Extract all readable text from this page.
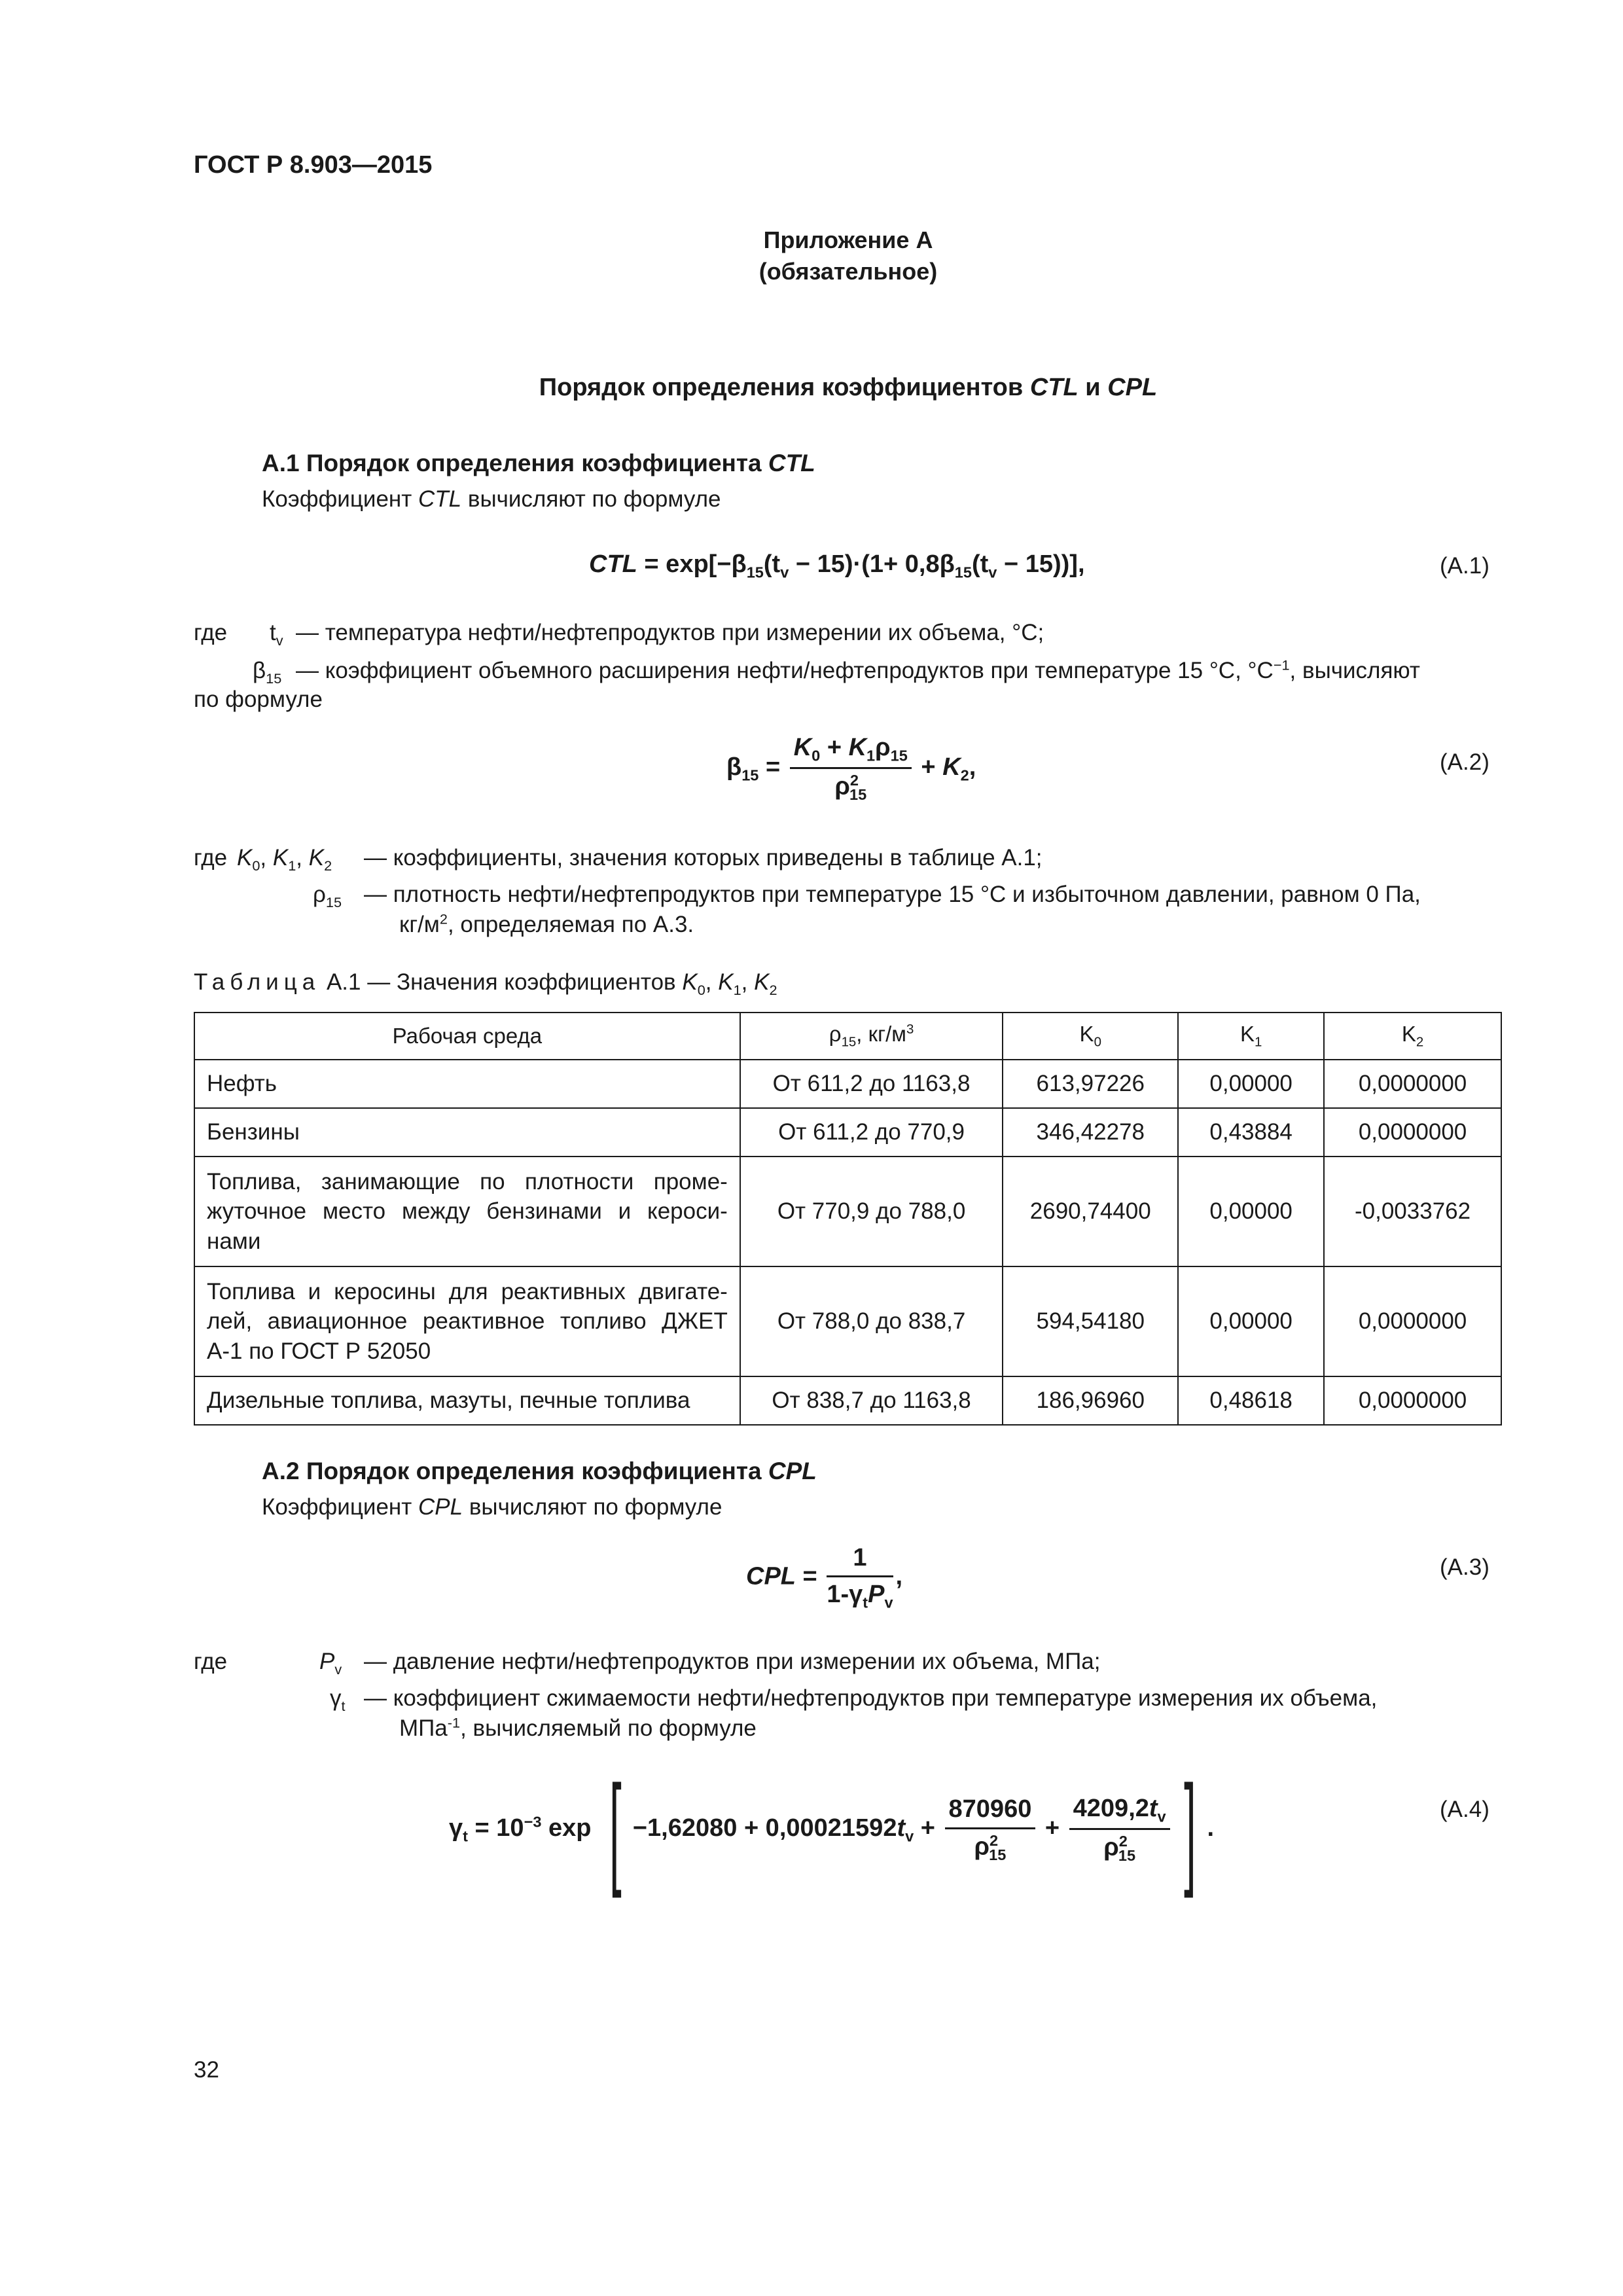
ГОСТ Р 8.903—2015
Приложение А
(обязательное)
Порядок определения коэффициентов CTL и CPL
А.1 Порядок определения коэффициента CTL
Коэффициент CTL вычисляют по формуле
CTL = $\exp[-\beta_{15}(t_v - 15)\cdot(1+ 0,8\beta_{15}(t_v - 15))]$,	(А.1)
где $t_v$ — температура нефти/нефтепродуктов при измерении их объема, °С;
$\beta_{15}$ — коэффициент объемного расширения нефти/нефтепродуктов при температуре 15 °С, $^\circ С^{-1}$, вычисляют
по формуле
$\beta_{15} = \frac{K_0 + K_1\rho_{15}}{\rho^2_{15}} + K_2$,	(А.2)
где $K_0$, $K_1$, $K_2$ — коэффициенты, значения которых приведены в таблице А.1;
$\rho_{15}$ — плотность нефти/нефтепродуктов при температуре 15 °С и избыточном давлении, равном 0 Па,
$кг/м^2$, определяемая по А.3.
Таблица А.1 — Значения коэффициентов $K_0$, $K_1$, $K_2$
Рабочая среда	$\rho_{15}$, $кг/м^3$	$K_0$	$K_1$	$K_2$
Нефть	От 611,2 до 1163,8	613,97226	0,00000	0,0000000
Бензины	От 611,2 до 770,9	346,42278	0,43884	0,0000000
Топлива, занимающие по плотности проме-жуточное место между бензинами и кероси-нами	От 770,9 до 788,0	2690,74400	0,00000	-0,0033762
Топлива и керосины для реактивных двигате-лей, авиационное реактивное топливо ДЖЕТ А-1 по ГОСТ Р 52050	От 788,0 до 838,7	594,54180	0,00000	0,0000000
Дизельные топлива, мазуты, печные топлива	От 838,7 до 1163,8	186,96960	0,48618	0,0000000
А.2 Порядок определения коэффициента CPL
Коэффициент CPL вычисляют по формуле
CPL = $\frac{1}{1-\gamma_tP_v}$ ,	(А.3)
где	$P_v$ — давление нефти/нефтепродуктов при измерении их объема, МПа;
$\gamma_t$ — коэффициент сжимаемости нефти/нефтепродуктов при температуре измерения их объема,
МПа$^{-1}$, вычисляемый по формуле
$\gamma_t = 10^{-3}$ exp [ $-1,62080 + 0,00021592t_v + \frac{870960}{\rho^2_{15}} + \frac{4209,2t_v}{\rho^2_{15}}$ ] .
(А.4)
32
